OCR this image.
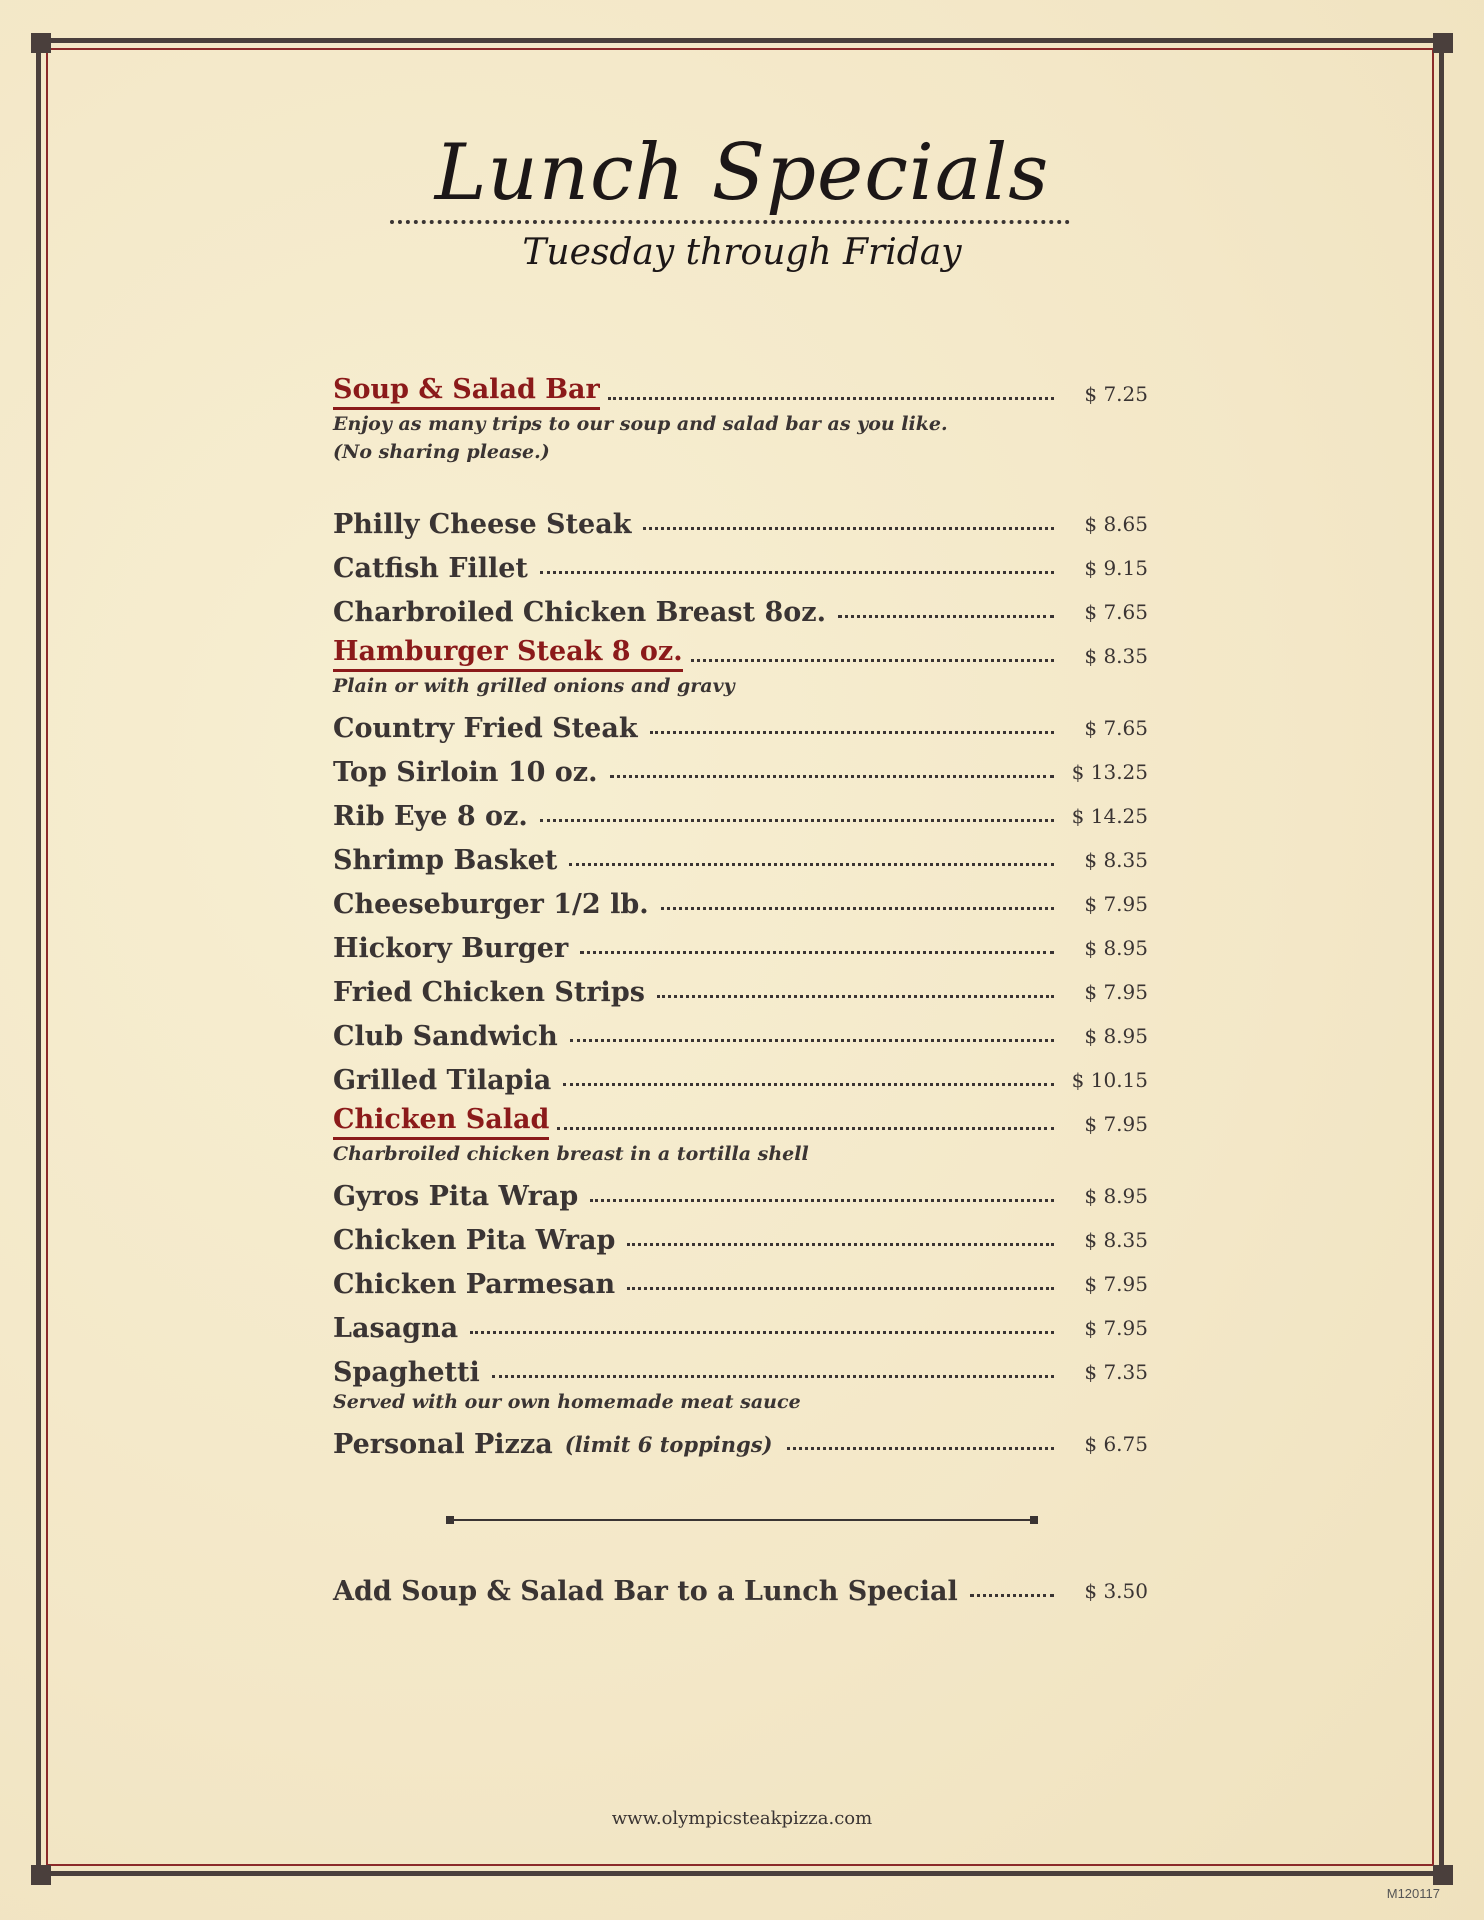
Lunch Specials
Tuesday through Friday
Soup & Salad Bar	$ 7.25
Enjoy as many trips to our soup and salad bar as you like.
(No sharing please.)
Philly Cheese Steak	$ 8.65
Catfish Fillet	$ 9.15
Charbroiled Chicken Breast 8oz.	$ 7.65
Hamburger Steak 8 oz.	$ 8.35
Plain or with grilled onions and gravy
Country Fried Steak	$ 7.65
Top Sirloin 10 oz.	$ 13.25
Rib Eye 8 oz.	$ 14.25
Shrimp Basket	$ 8.35
Cheeseburger 1/2 lb.	$ 7.95
Hickory Burger	$ 8.95
Fried Chicken Strips	$ 7.95
Club Sandwich	$ 8.95
Grilled Tilapia	$ 10.15
Chicken Salad	$ 7.95
Charbroiled chicken breast in a tortilla shell
Gyros Pita Wrap	$ 8.95
Chicken Pita Wrap	$ 8.35
Chicken Parmesan	$ 7.95
Lasagna	$ 7.95
Spaghetti	$ 7.35
Served with our own homemade meat sauce
Personal Pizza (limit 6 toppings)	$ 6.75
Add Soup & Salad Bar to a Lunch Special	$ 3.50
www.olympicsteakpizza.com
M120117
